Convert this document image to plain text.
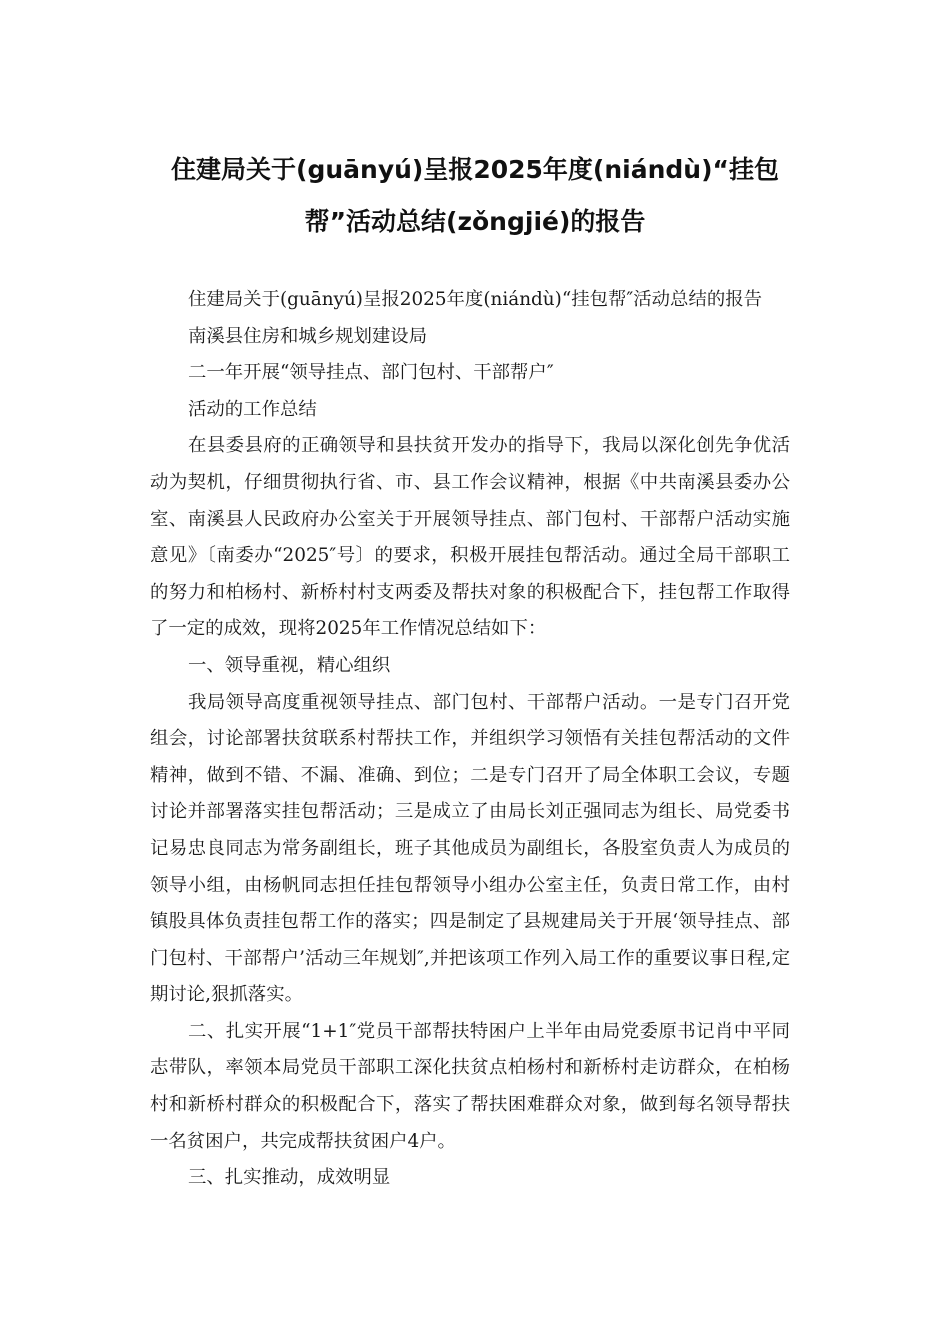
住建局关于(guānyú)呈报2025年度(niándù)“挂包帮”活动总结(zǒngjié)的报告

住建局关于(guānyú)呈报2025年度(niándù)“挂包帮″活动总结的报告

南溪县住房和城乡规划建设局

二一年开展“领导挂点、部门包村、干部帮户″

活动的工作总结

在县委县府的正确领导和县扶贫开发办的指导下，我局以深化创先争优活动为契机，仔细贯彻执行省、市、县工作会议精神，根据《中共南溪县委办公室、南溪县人民政府办公室关于开展领导挂点、部门包村、干部帮户活动实施意见》〔南委办“2025″号〕的要求，积极开展挂包帮活动。通过全局干部职工的努力和柏杨村、新桥村村支两委及帮扶对象的积极配合下，挂包帮工作取得了一定的成效，现将2025年工作情况总结如下：

一、领导重视，精心组织

我局领导高度重视领导挂点、部门包村、干部帮户活动。一是专门召开党组会，讨论部署扶贫联系村帮扶工作，并组织学习领悟有关挂包帮活动的文件精神，做到不错、不漏、准确、到位；二是专门召开了局全体职工会议，专题讨论并部署落实挂包帮活动；三是成立了由局长刘正强同志为组长、局党委书记易忠良同志为常务副组长，班子其他成员为副组长，各股室负责人为成员的领导小组，由杨帆同志担任挂包帮领导小组办公室主任，负责日常工作，由村镇股具体负责挂包帮工作的落实；四是制定了县规建局关于开展‘领导挂点、部门包村、干部帮户’活动三年规划″,并把该项工作列入局工作的重要议事日程,定期讨论,狠抓落实。

二、扎实开展“1+1″党员干部帮扶特困户上半年由局党委原书记肖中平同志带队，率领本局党员干部职工深化扶贫点柏杨村和新桥村走访群众，在柏杨村和新桥村群众的积极配合下，落实了帮扶困难群众对象，做到每名领导帮扶一名贫困户，共完成帮扶贫困户4户。

三、扎实推动，成效明显
